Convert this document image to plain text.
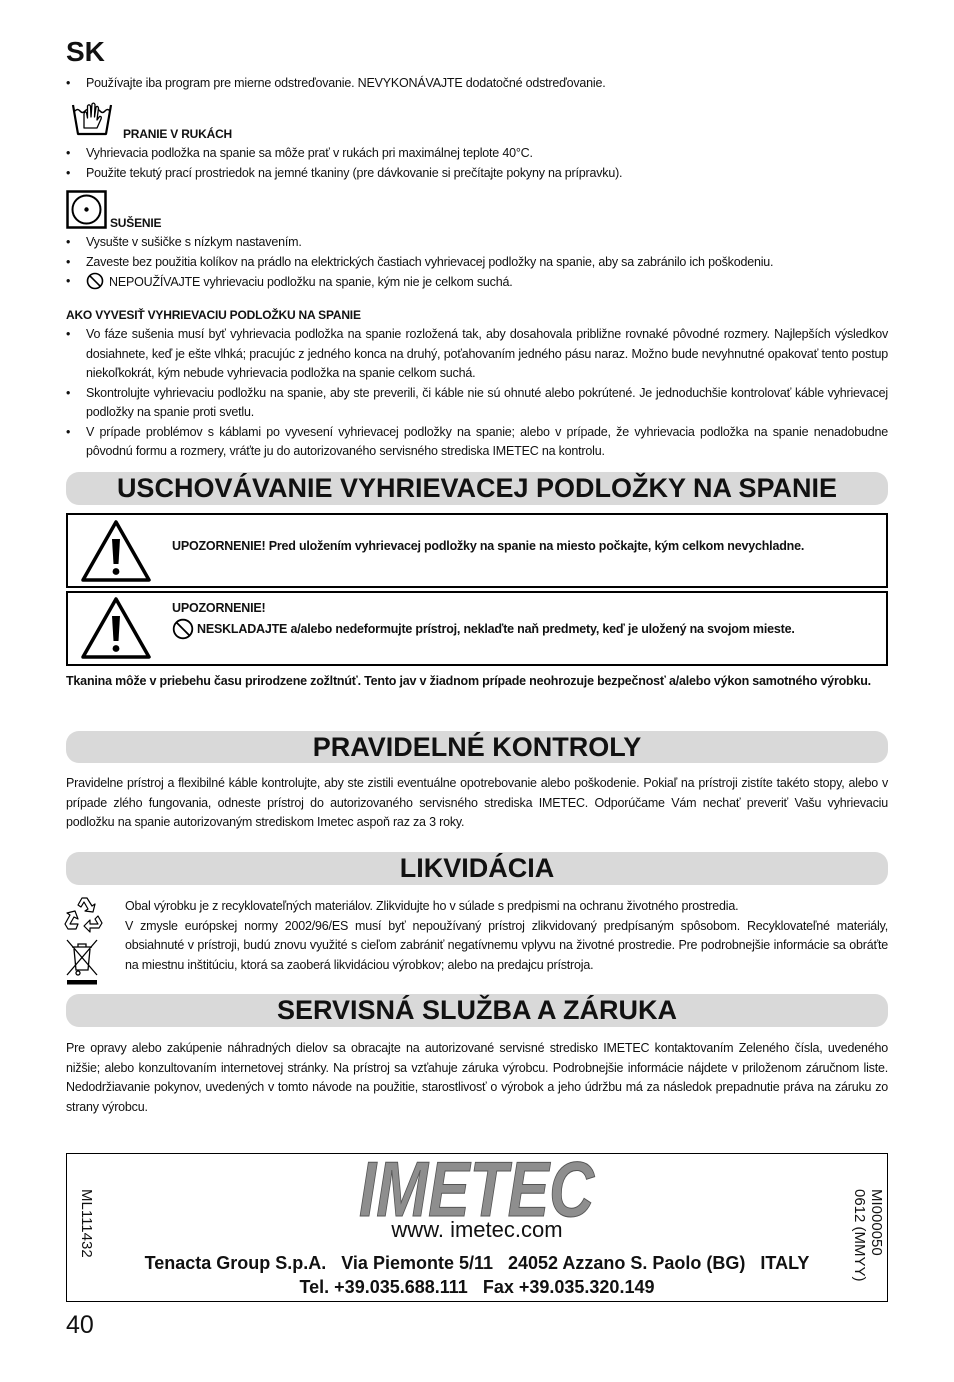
SK
• Používajte iba program pre mierne odstreďovanie. NEVYKONÁVAJTE dodatočné odstreďovanie.
PRANIE V RUKÁCH
• Vyhrievacia podložka na spanie sa môže prať v rukách pri maximálnej teplote 40°C.
• Použite tekutý prací prostriedok na jemné tkaniny (pre dávkovanie si prečítajte pokyny na prípravku).
SUŠENIE
• Vysušte v sušičke s nízkym nastavením.
• Zaveste bez použitia kolíkov na prádlo na elektrických častiach vyhrievacej podložky na spanie, aby sa zabránilo ich poškodeniu.
• NEPOUŽÍVAJTE vyhrievaciu podložku na spanie, kým nie je celkom suchá.
AKO VYVESIŤ VYHRIEVACIU PODLOŽKU NA SPANIE
• Vo fáze sušenia musí byť vyhrievacia podložka na spanie rozložená tak, aby dosahovala približne rovnaké pôvodné rozmery. Najlepších výsledkov dosiahnete, keď je ešte vlhká; pracujúc z jedného konca na druhý, poťahovaním jedného pásu naraz. Možno bude nevyhnutné opakovať tento postup niekoľkokrát, kým nebude vyhrievacia podložka na spanie celkom suchá.
• Skontrolujte vyhrievaciu podložku na spanie, aby ste preverili, či káble nie sú ohnuté alebo pokrútené. Je jednoduchšie kontrolovať káble vyhrievacej podložky na spanie proti svetlu.
• V prípade problémov s káblami po vyvesení vyhrievacej podložky na spanie; alebo v prípade, že vyhrievacia podložka na spanie nenadobudne pôvodnú formu a rozmery, vráťte ju do autorizovaného servisného strediska IMETEC na kontrolu.
USCHOVÁVANIE VYHRIEVACEJ PODLOŽKY NA SPANIE
UPOZORNENIE! Pred uložením vyhrievacej podložky na spanie na miesto počkajte, kým celkom nevychladne.
UPOZORNENIE!
NESKLADAJTE a/alebo nedeformujte prístroj, neklaďte naň predmety, keď je uložený na svojom mieste.

Tkanina môže v priebehu času prirodzene zožltnúť. Tento jav v žiadnom prípade neohrozuje bezpečnosť a/alebo výkon samotného výrobku.

PRAVIDELNÉ KONTROLY

Pravidelne prístroj a flexibilné káble kontrolujte, aby ste zistili eventuálne opotrebovanie alebo poškodenie. Pokiaľ na prístroji zistíte takéto stopy, alebo v prípade zlého fungovania, odneste prístroj do autorizovaného servisného strediska IMETEC. Odporúčame Vám nechať preveriť Vašu vyhrievaciu podložku na spanie autorizovaným strediskom Imetec aspoň raz za 3 roky.

LIKVIDÁCIA

Obal výrobku je z recyklovateľných materiálov. Zlikvidujte ho v súlade s predpismi na ochranu životného prostredia.

V zmysle európskej normy 2002/96/ES musí byť nepoužívaný prístroj zlikvidovaný predpísaným spôsobom. Recyklovateľné materiály, obsiahnuté v prístroji, budú znovu využité s cieľom zabrániť negatívnemu vplyvu na životné prostredie. Pre podrobnejšie informácie sa obráťte na miestnu inštitúciu, ktorá sa zaoberá likvidáciou výrobkov; alebo na predajcu prístroja.

SERVISNÁ SLUŽBA A ZÁRUKA

Pre opravy alebo zakúpenie náhradných dielov sa obracajte na autorizované servisné stredisko IMETEC kontaktovaním Zeleného čísla, uvedeného nižšie; alebo konzultovaním internetovej stránky. Na prístroj sa vzťahuje záruka výrobcu. Podrobnejšie informácie nájdete v priloženom záručnom liste. Nedodržiavanie pokynov, uvedených v tomto návode na použitie, starostlivosť o výrobok a jeho údržbu má za následok prepadnutie práva na záruku zo strany výrobcu.

ML111432	IMETEC
www. imetec.com
Tenacta Group S.p.A.   Via Piemonte 5/11   24052 Azzano S. Paolo (BG)   ITALY
Tel. +39.035.688.111   Fax +39.035.320.149
MI000050
0612 (MMYY)
40
